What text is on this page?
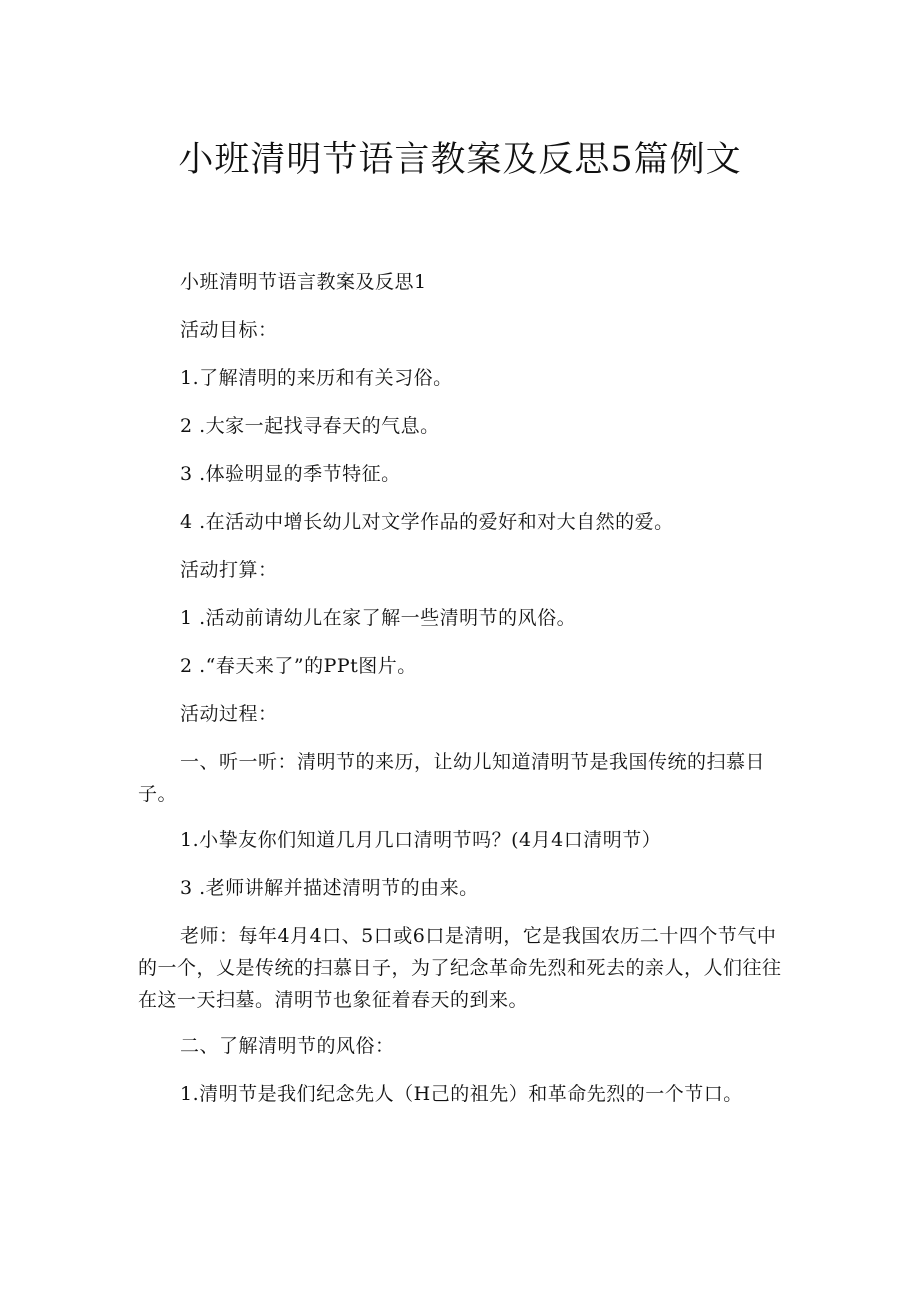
小班清明节语言教案及反思5篇例文

小班清明节语言教案及反思1

活动目标：

1.了解清明的来历和有关习俗。

2 .大家一起找寻春天的气息。

3 .体验明显的季节特征。

4 .在活动中增长幼儿对文学作品的爱好和对大自然的爱。

活动打算：

1 .活动前请幼儿在家了解一些清明节的风俗。

2 .“春天来了”的PPt图片。

活动过程：

一、听一听：清明节的来历，让幼儿知道清明节是我国传统的扫慕日子。

1.小挚友你们知道几月几口清明节吗？(4月4口清明节）

3 .老师讲解并描述清明节的由来。

老师：每年4月4口、5口或6口是清明，它是我国农历二十四个节气中的一个，乂是传统的扫慕日子，为了纪念革命先烈和死去的亲人，人们往往在这一天扫墓。清明节也象征着春天的到来。

二、了解清明节的风俗：

1.清明节是我们纪念先人（H己的祖先）和革命先烈的一个节口。
